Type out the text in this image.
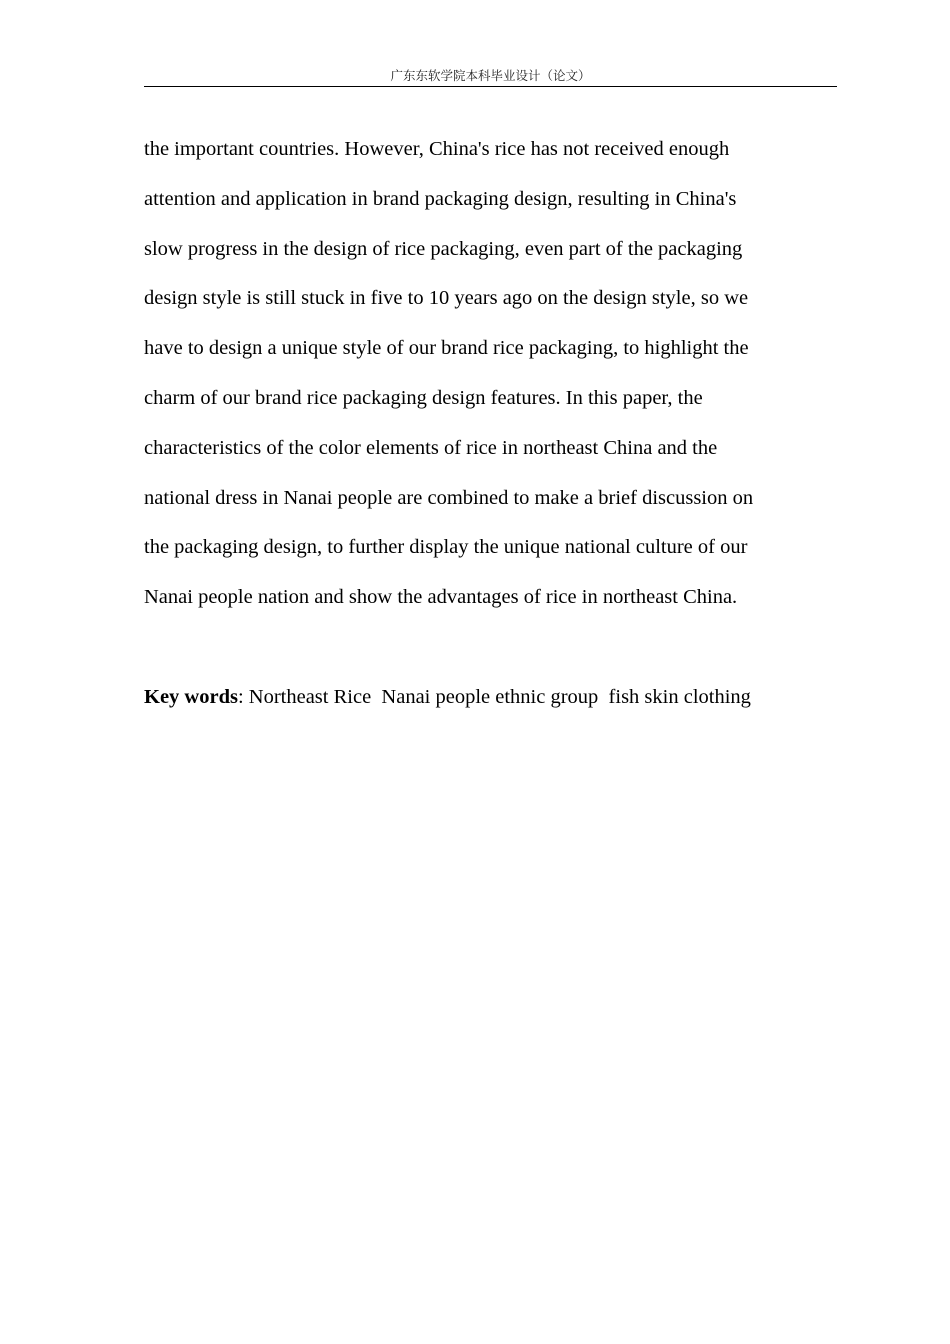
广东东软学院本科毕业设计（论文）
the important countries. However, China's rice has not received enough
attention and application in brand packaging design, resulting in China's
slow progress in the design of rice packaging, even part of the packaging
design style is still stuck in five to 10 years ago on the design style, so we
have to design a unique style of our brand rice packaging, to highlight the
charm of our brand rice packaging design features. In this paper, the
characteristics of the color elements of rice in northeast China and the
national dress in Nanai people are combined to make a brief discussion on
the packaging design, to further display the unique national culture of our
Nanai people nation and show the advantages of rice in northeast China.
Key words: Northeast Rice  Nanai people ethnic group  fish skin clothing
